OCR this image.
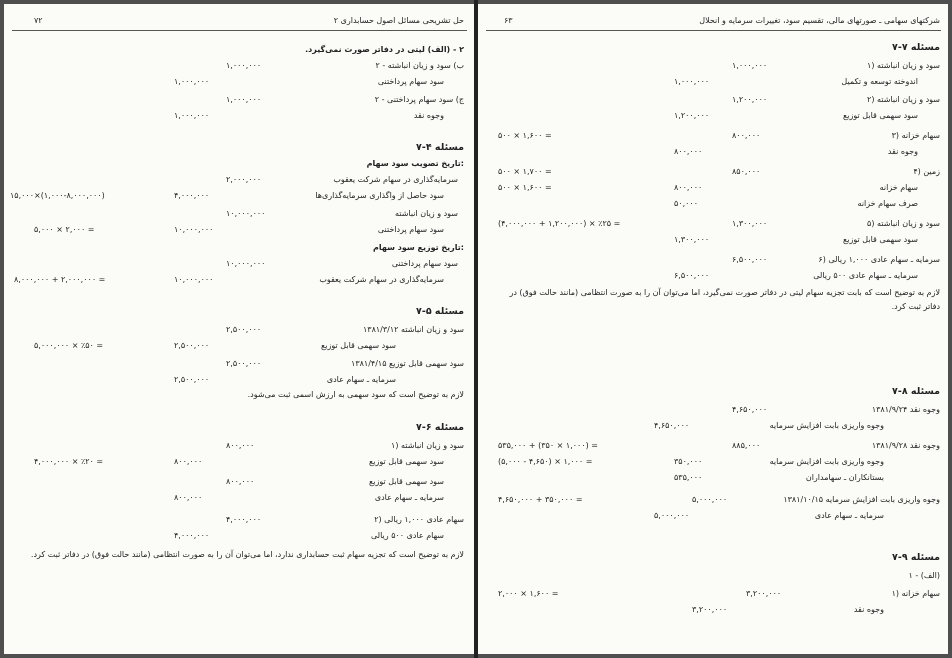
۷۲	حل تشریحی مسائل اصول حسابداری ۲
۲ - (الف) لیتی در دفاتر صورت نمی‌گیرد.
۲ - ب) سود و زیان انباشته
۱,۰۰۰,۰۰۰
سود سهام پرداختنی
۱,۰۰۰,۰۰۰
۲ - ج) سود سهام پرداختنی
۱,۰۰۰,۰۰۰
وجوه نقد
۱,۰۰۰,۰۰۰
مسئله ۴-۷
تاریخ تصویب سود سهام:
سرمایه‌گذاری در سهام شرکت یعقوب
۲,۰۰۰,۰۰۰
سود حاصل از واگذاری سرمایه‌گذاری‌ها
۴,۰۰۰,۰۰۰
۱۵,۰۰۰×(۱,۰۰۰-۸,۰۰۰,۰۰۰)
سود و زیان انباشته
۱۰,۰۰۰,۰۰۰
سود سهام پرداختنی
۱۰,۰۰۰,۰۰۰
۵,۰۰۰ × ۲,۰۰۰ =
تاریخ توزیع سود سهام:
سود سهام پرداختنی
۱۰,۰۰۰,۰۰۰
سرمایه‌گذاری در سهام شرکت یعقوب
۱۰,۰۰۰,۰۰۰
۸,۰۰۰,۰۰۰ + ۲,۰۰۰,۰۰۰ =
مسئله ۵-۷
۱۳۸۱/۳/۱۲ سود و زیان انباشته
۲,۵۰۰,۰۰۰
سود سهمی قابل توزیع
۲,۵۰۰,۰۰۰
۵,۰۰۰,۰۰۰ × ٪۵۰ =
۱۳۸۱/۴/۱۵ سود سهمی قابل توزیع
۲,۵۰۰,۰۰۰
سرمایه ـ سهام عادی
۲,۵۰۰,۰۰۰
لازم به توضیح است که سود سهمی به ارزش اسمی ثبت می‌شود.
مسئله ۶-۷
۱) سود و زیان انباشته
۸۰۰,۰۰۰
سود سهمی قابل توزیع
۸۰۰,۰۰۰
۴,۰۰۰,۰۰۰ × ٪۲۰ =
سود سهمی قابل توزیع
۸۰۰,۰۰۰
سرمایه ـ سهام عادی
۸۰۰,۰۰۰
۲) سهام عادی ۱,۰۰۰ ریالی
۴,۰۰۰,۰۰۰
سهام عادی ۵۰۰ ریالی
۴,۰۰۰,۰۰۰
لازم به توضیح است که تجزیه سهام ثبت حسابداری ندارد، اما می‌توان آن را به صورت انتظامی (مانند حالت فوق) در دفاتر ثبت کرد.
۶۳	شرکتهای سهامی ـ صورتهای مالی، تقسیم سود، تغییرات سرمایه و انحلال
مسئله ۷-۷
۱) سود و زیان انباشته
۱,۰۰۰,۰۰۰
اندوخته توسعه و تکمیل
۱,۰۰۰,۰۰۰
۲) سود و زیان انباشته
۱,۲۰۰,۰۰۰
سود سهمی قابل توزیع
۱,۲۰۰,۰۰۰
۳) سهام خزانه
۸۰۰,۰۰۰
۵۰۰ × ۱,۶۰۰ =
وجوه نقد
۸۰۰,۰۰۰
۴) زمین
۸۵۰,۰۰۰
۵۰۰ × ۱,۷۰۰ =
سهام خزانه
۸۰۰,۰۰۰
۵۰۰ × ۱,۶۰۰ =
صرف سهام خزانه
۵۰,۰۰۰
۵) سود و زیان انباشته
۱,۳۰۰,۰۰۰
(۴,۰۰۰,۰۰۰ + ۱,۲۰۰,۰۰۰) × ٪۲۵ =
سود سهمی قابل توزیع
۱,۳۰۰,۰۰۰
۶) سرمایه ـ سهام عادی ۱,۰۰۰ ریالی
۶,۵۰۰,۰۰۰
سرمایه ـ سهام عادی ۵۰۰ ریالی
۶,۵۰۰,۰۰۰
لازم به توضیح است که بابت تجزیه سهام لیتی در دفاتر صورت نمی‌گیرد، اما می‌توان آن را به صورت انتظامی (مانند حالت فوق) در دفاتر ثبت کرد.
مسئله ۸-۷
۱۳۸۱/۹/۲۴ وجوه نقد
۴,۶۵۰,۰۰۰
وجوه واریزی بابت افزایش سرمایه
۴,۶۵۰,۰۰۰
۱۳۸۱/۹/۲۸ وجوه نقد
۸۸۵,۰۰۰
۵۳۵,۰۰۰ + (۳۵۰ × ۱,۰۰۰) =
وجوه واریزی بابت افزایش سرمایه
۳۵۰,۰۰۰
(۵,۰۰۰ - ۴,۶۵۰) × ۱,۰۰۰ =
بستانکاران ـ سهامداران
۵۳۵,۰۰۰
۱۳۸۱/۱۰/۱۵ وجوه واریزی بابت افزایش سرمایه
۵,۰۰۰,۰۰۰
۴,۶۵۰,۰۰۰ + ۳۵۰,۰۰۰ =
سرمایه ـ سهام عادی
۵,۰۰۰,۰۰۰
مسئله ۹-۷
۱ - (الف)
۱) سهام خزانه
۳,۲۰۰,۰۰۰
۲,۰۰۰ × ۱,۶۰۰ =
وجوه نقد
۳,۲۰۰,۰۰۰
